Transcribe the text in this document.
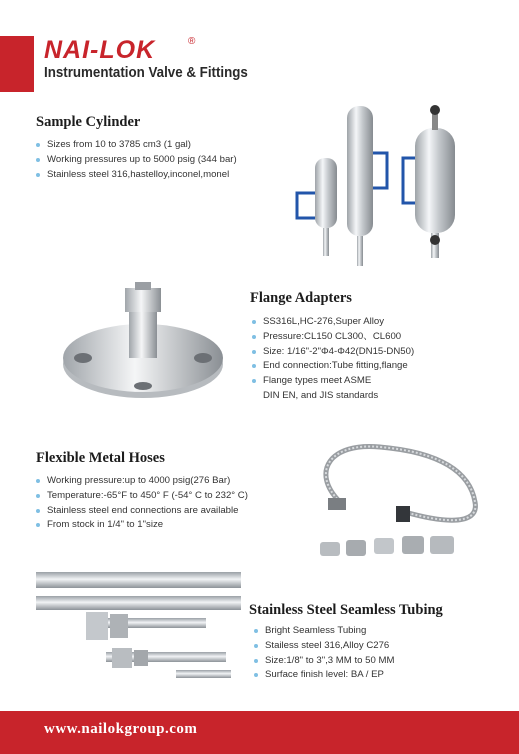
NAI-LOK	®
Instrumentation Valve & Fittings
Sample Cylinder
Sizes from 10 to 3785 cm3 (1 gal)
Working pressures up to 5000 psig (344 bar)
Stainless steel 316,hastelloy,inconel,monel
Flange Adapters
SS316L,HC-276,Super Alloy
Pressure:CL150 CL300、CL600
Size: 1/16"-2"Φ4-Φ42(DN15-DN50)
End connection:Tube fitting,flange
Flange types meet ASME
DIN EN, and JIS standards
Flexible Metal Hoses
Working pressure:up to 4000 psig(276 Bar)
Temperature:-65°F to 450° F (-54° C to 232° C)
Stainless steel end connections are available
From stock in 1/4" to 1"size
Stainless Steel Seamless Tubing
Bright Seamless Tubing
Stailess steel 316,Alloy C276
Size:1/8" to 3",3 MM to 50 MM
Surface finish level: BA / EP
www.nailokgroup.com
